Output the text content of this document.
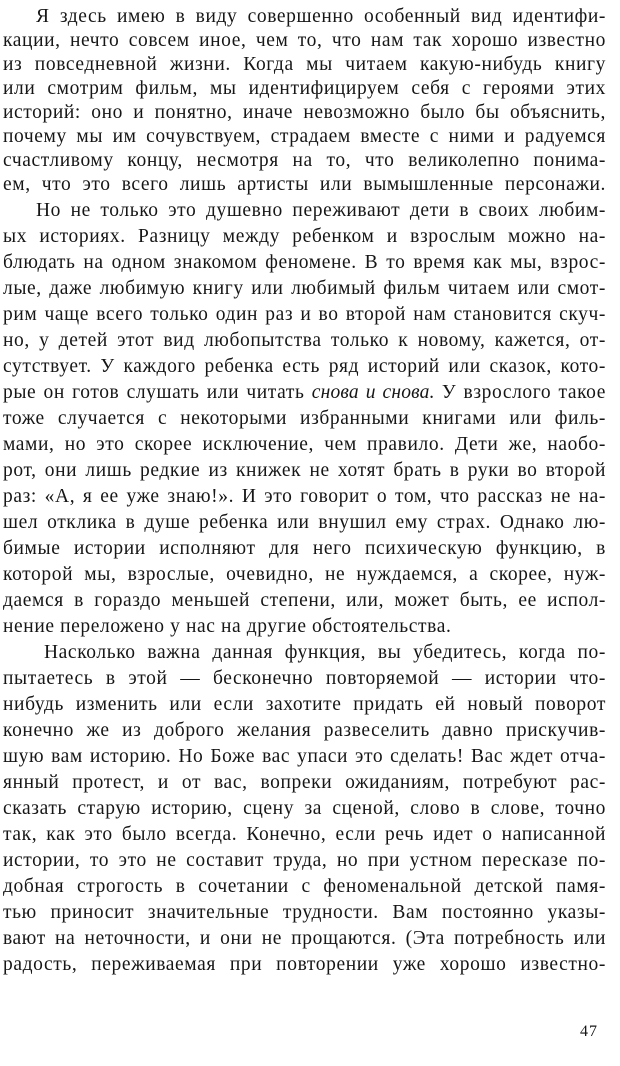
Я здесь имею в виду совершенно особенный вид идентифи-
кации, нечто совсем иное, чем то, что нам так хорошо известно
из повседневной жизни. Когда мы читаем какую-нибудь книгу
или смотрим фильм, мы идентифицируем себя с героями этих
историй: оно и понятно, иначе невозможно было бы объяснить,
почему мы им сочувствуем, страдаем вместе с ними и радуемся
счастливому концу, несмотря на то, что великолепно понима-
ем, что это всего лишь артисты или вымышленные персонажи.
Но не только это душевно переживают дети в своих любим-
ых историях. Разницу между ребенком и взрослым можно на-
блюдать на одном знакомом феномене. В то время как мы, взрос-
лые, даже любимую книгу или любимый фильм читаем или смот-
рим чаще всего только один раз и во второй нам становится скуч-
но, у детей этот вид любопытства только к новому, кажется, от-
сутствует. У каждого ребенка есть ряд историй или сказок, кото-
рые он готов слушать или читать снова и снова. У взрослого такое
тоже случается с некоторыми избранными книгами или филь-
мами, но это скорее исключение, чем правило. Дети же, наобо-
рот, они лишь редкие из книжек не хотят брать в руки во второй
раз: «А, я ее уже знаю!». И это говорит о том, что рассказ не на-
шел отклика в душе ребенка или внушил ему страх. Однако лю-
бимые истории исполняют для него психическую функцию, в
которой мы, взрослые, очевидно, не нуждаемся, а скорее, нуж-
даемся в гораздо меньшей степени, или, может быть, ее испол-
нение переложено у нас на другие обстоятельства.
Насколько важна данная функция, вы убедитесь, когда по-
пытаетесь в этой — бесконечно повторяемой — истории что-
нибудь изменить или если захотите придать ей новый поворот
конечно же из доброго желания развеселить давно прискучив-
шую вам историю. Но Боже вас упаси это сделать! Вас ждет отча-
янный протест, и от вас, вопреки ожиданиям, потребуют рас-
сказать старую историю, сцену за сценой, слово в слове, точно
так, как это было всегда. Конечно, если речь идет о написанной
истории, то это не составит труда, но при устном пересказе по-
добная строгость в сочетании с феноменальной детской памя-
тью приносит значительные трудности. Вам постоянно указы-
вают на неточности, и они не прощаются. (Эта потребность или
радость, переживаемая при повторении уже хорошо известно-
47
